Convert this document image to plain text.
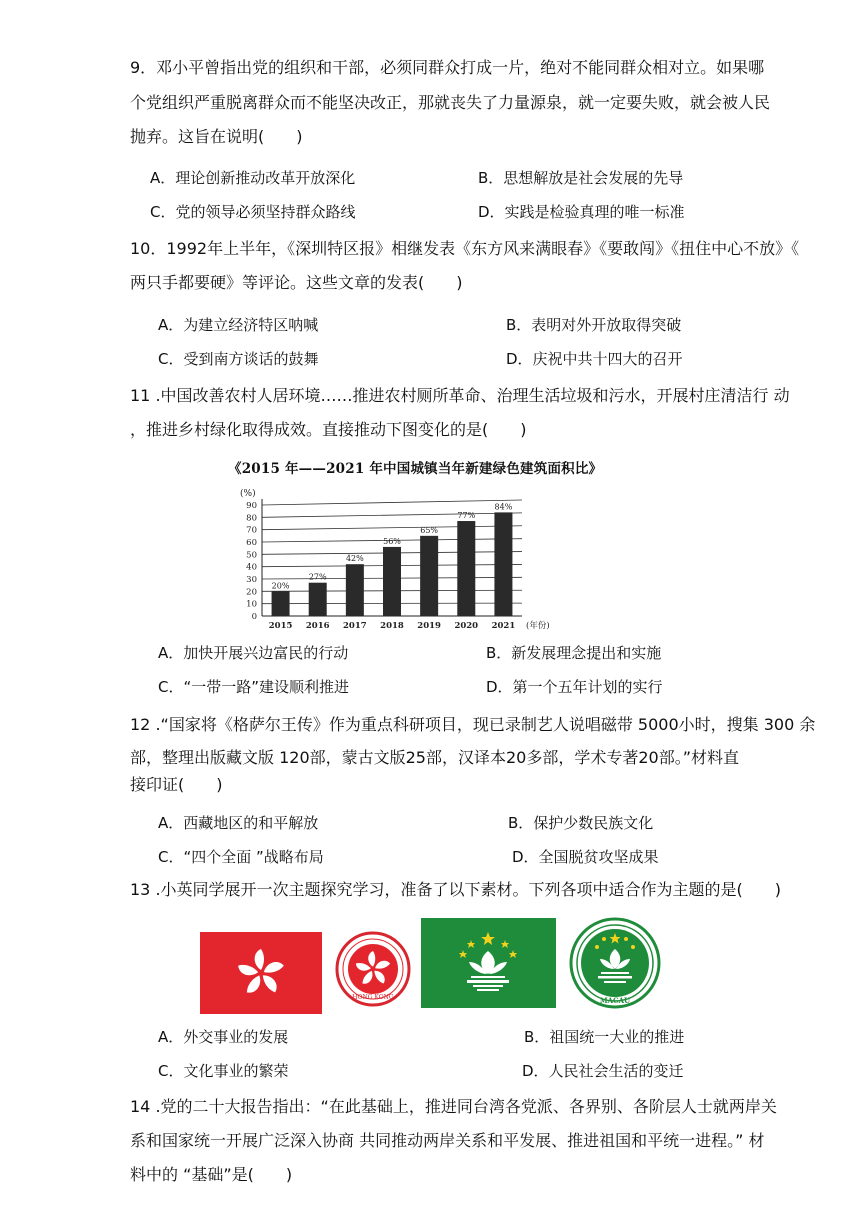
9．邓小平曾指出党的组织和干部，必须同群众打成一片，绝对不能同群众相对立。如果哪
个党组织严重脱离群众而不能坚决改正，那就丧失了力量源泉，就一定要失败，就会被人民
抛弃。这旨在说明(　　)
A．理论创新推动改革开放深化	B．思想解放是社会发展的先导
C．党的领导必须坚持群众路线	D．实践是检验真理的唯一标准
10．1992年上半年，《深圳特区报》相继发表《东方风来满眼春》《要敢闯》《扭住中心不放》《
两只手都要硬》等评论。这些文章的发表(　　)
A．为建立经济特区呐喊	B．表明对外开放取得突破
C．受到南方谈话的鼓舞	D．庆祝中共十四大的召开
11 .中国改善农村人居环境……推进农村厕所革命、治理生活垃圾和污水，开展村庄清洁行 动
，推进乡村绿化取得成效。直接推动下图变化的是(　　)
《2015 年——2021 年中国城镇当年新建绿色建筑面积比》
(%)
0
10
20
30
40
50
60
70
80
90
20%
2015
27%
2016
42%
2017
56%
2018
65%
2019
77%
2020
84%
2021 (年份)
A．加快开展兴边富民的行动	B．新发展理念提出和实施
C．“一带一路”建设顺利推进	D．第一个五年计划的实行
12 .“国家将《格萨尔王传》作为重点科研项目，现已录制艺人说唱磁带 5000小时，搜集 300 余
部，整理出版藏文版 120部，蒙古文版25部，汉译本20多部，学术专著20部。”材料直
接印证(　　)
A．西藏地区的和平解放	B．保护少数民族文化
C．“四个全面 ”战略布局	D．全国脱贫攻坚成果
13 .小英同学展开一次主题探究学习，准备了以下素材。下列各项中适合作为主题的是(　　)
HONG KONG	MACAU
A．外交事业的发展	B．祖国统一大业的推进
C．文化事业的繁荣	D．人民社会生活的变迁
14 .党的二十大报告指出：“在此基础上，推进同台湾各党派、各界别、各阶层人士就两岸关
系和国家统一开展广泛深入协商 共同推动两岸关系和平发展、推进祖国和平统一进程。” 材
料中的 “基础”是(　　)
